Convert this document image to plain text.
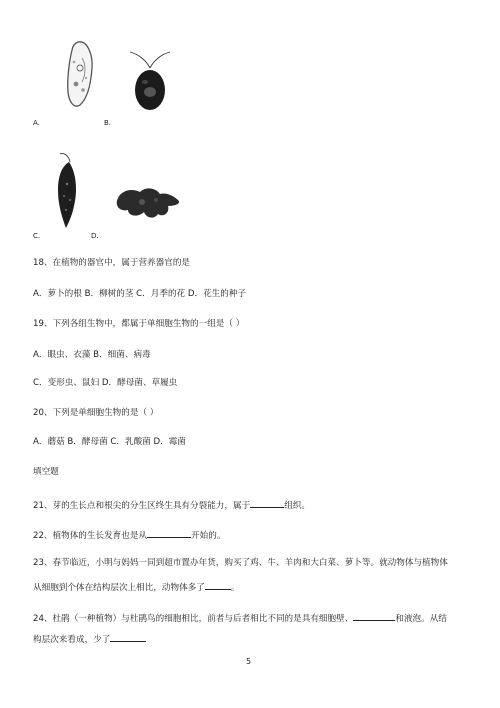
A.	B.
C.	D.
18、在植物的器官中，属于营养器官的是
A．萝卜的根 B．柳树的茎 C．月季的花 D．花生的种子
19、下列各组生物中，都属于单细胞生物的一组是（ ）
A．眼虫、衣藻 B．细菌、病毒
C．变形虫、鼠妇 D．酵母菌、草履虫
20、下列是单细胞生物的是（ ）
A．蘑菇 B．酵母菌 C．乳酸菌 D．霉菌
填空题
21、芽的生长点和根尖的分生区终生具有分裂能力，属于	组织。
22、植物体的生长发育也是从	开始的。
23、春节临近，小明与妈妈一同到超市置办年货，购买了鸡、牛、羊肉和大白菜、萝卜等。就动物体与植物体
从细胞到个体在结构层次上相比，动物体多了	。
24、杜鹃（一种植物）与杜鹃鸟的细胞相比，前者与后者相比不同的是具有细胞壁、	和液泡。从结
构层次来看成，少了
5
